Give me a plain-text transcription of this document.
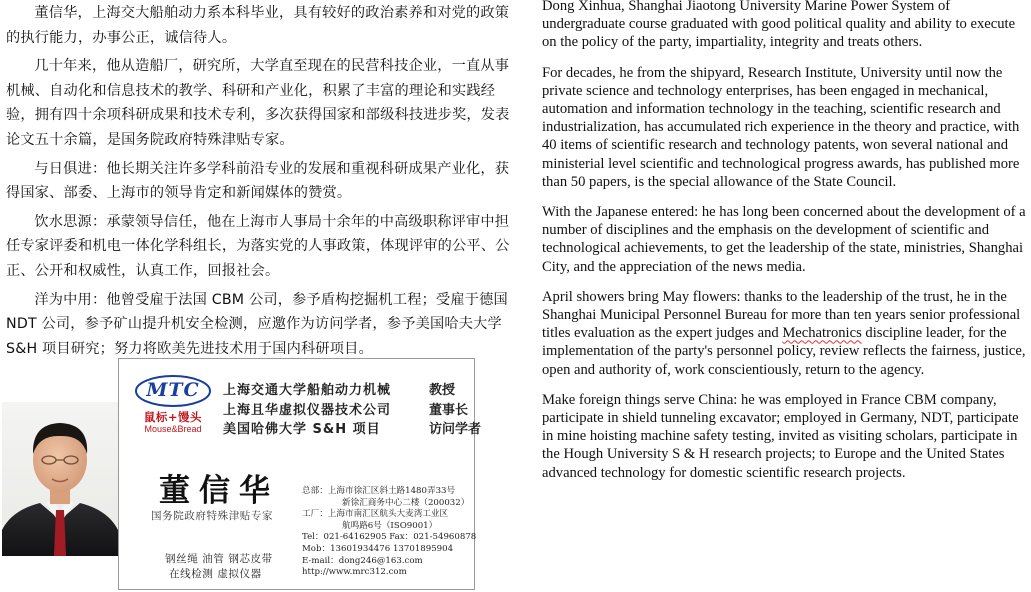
董信华，上海交大船舶动力系本科毕业，具有较好的政治素养和对党的政策的执行能力，办事公正，诚信待人。

几十年来，他从造船厂，研究所，大学直至现在的民营科技企业，一直从事机械、自动化和信息技术的教学、科研和产业化，积累了丰富的理论和实践经验，拥有四十余项科研成果和技术专利，多次获得国家和部级科技进步奖，发表论文五十余篇，是国务院政府特殊津贴专家。

与日俱进：他长期关注许多学科前沿专业的发展和重视科研成果产业化，获得国家、部委、上海市的领导肯定和新闻媒体的赞赏。

饮水思源：承蒙领导信任，他在上海市人事局十余年的中高级职称评审中担任专家评委和机电一体化学科组长，为落实党的人事政策，体现评审的公平、公正、公开和权威性，认真工作，回报社会。

洋为中用：他曾受雇于法国 CBM 公司，参予盾构挖掘机工程；受雇于德国 NDT 公司，参予矿山提升机安全检测，应邀作为访问学者，参予美国哈夫大学 S&H 项目研究；努力将欧美先进技术用于国内科研项目。

MTC
鼠标+馒头
Mouse&Bread
上海交通大学船舶动力机械	教授
上海且华虚拟仪器技术公司	董事长
美国哈佛大学 S&H 项目	访问学者
董信华
国务院政府特殊津贴专家
钢丝绳 油管 钢芯皮带
在线检测 虚拟仪器
总部：上海市徐汇区斜土路1480弄33号
新徐汇商务中心二楼（200032）
工厂：上海市南汇区航头大麦湾工业区
航鸣路6号（ISO9001）
Tel：021-64162905 Fax：021-54960878
Mob：13601934476 13701895904
E-mail：dong246@163.com
http://www.mrc312.com

Dong Xinhua, Shanghai Jiaotong University Marine Power System of undergraduate course graduated with good political quality and ability to execute on the policy of the party, impartiality, integrity and treats others.

For decades, he from the shipyard, Research Institute, University until now the private science and technology enterprises, has been engaged in mechanical, automation and information technology in the teaching, scientific research and industrialization, has accumulated rich experience in the theory and practice, with 40 items of scientific research and technology patents, won several national and ministerial level scientific and technological progress awards, has published more than 50 papers, is the special allowance of the State Council.

With the Japanese entered: he has long been concerned about the development of a number of disciplines and the emphasis on the development of scientific and technological achievements, to get the leadership of the state, ministries, Shanghai City, and the appreciation of the news media.

April showers bring May flowers: thanks to the leadership of the trust, he in the Shanghai Municipal Personnel Bureau for more than ten years senior professional titles evaluation as the expert judges and Mechatronics discipline leader, for the implementation of the party's personnel policy, review reflects the fairness, justice, open and authority of, work conscientiously, return to the agency.

Make foreign things serve China: he was employed in France CBM company, participate in shield tunneling excavator; employed in Germany, NDT, participate in mine hoisting machine safety testing, invited as visiting scholars, participate in the Hough University S & H research projects; to Europe and the United States advanced technology for domestic scientific research projects.
